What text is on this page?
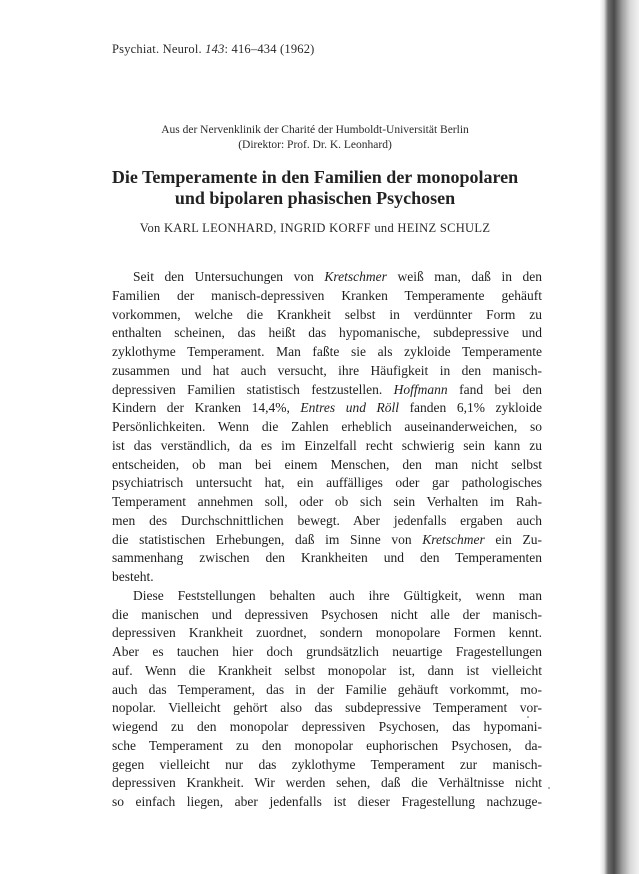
Psychiat. Neurol. 143: 416–434 (1962)
Aus der Nervenklinik der Charité der Humboldt-Universität Berlin
(Direktor: Prof. Dr. K. Leonhard)
Die Temperamente in den Familien der monopolaren
und bipolaren phasischen Psychosen
Von KARL LEONHARD, INGRID KORFF und HEINZ SCHULZ
Seit den Untersuchungen von Kretschmer weiß man, daß in den
Familien der manisch-depressiven Kranken Temperamente gehäuft
vorkommen, welche die Krankheit selbst in verdünnter Form zu
enthalten scheinen, das heißt das hypomanische, subdepressive und
zyklothyme Temperament. Man faßte sie als zykloide Temperamente
zusammen und hat auch versucht, ihre Häufigkeit in den manisch-
depressiven Familien statistisch festzustellen. Hoffmann fand bei den
Kindern der Kranken 14,4%, Entres und Röll fanden 6,1% zykloide
Persönlichkeiten. Wenn die Zahlen erheblich auseinanderweichen, so
ist das verständlich, da es im Einzelfall recht schwierig sein kann zu
entscheiden, ob man bei einem Menschen, den man nicht selbst
psychiatrisch untersucht hat, ein auffälliges oder gar pathologisches
Temperament annehmen soll, oder ob sich sein Verhalten im Rah-
men des Durchschnittlichen bewegt. Aber jedenfalls ergaben auch
die statistischen Erhebungen, daß im Sinne von Kretschmer ein Zu-
sammenhang zwischen den Krankheiten und den Temperamenten
besteht.
Diese Feststellungen behalten auch ihre Gültigkeit, wenn man
die manischen und depressiven Psychosen nicht alle der manisch-
depressiven Krankheit zuordnet, sondern monopolare Formen kennt.
Aber es tauchen hier doch grundsätzlich neuartige Fragestellungen
auf. Wenn die Krankheit selbst monopolar ist, dann ist vielleicht
auch das Temperament, das in der Familie gehäuft vorkommt, mo-
nopolar. Vielleicht gehört also das subdepressive Temperament vor-
wiegend zu den monopolar depressiven Psychosen, das hypomani-
sche Temperament zu den monopolar euphorischen Psychosen, da-
gegen vielleicht nur das zyklothyme Temperament zur manisch-
depressiven Krankheit. Wir werden sehen, daß die Verhältnisse nicht
so einfach liegen, aber jedenfalls ist dieser Fragestellung nachzuge-
